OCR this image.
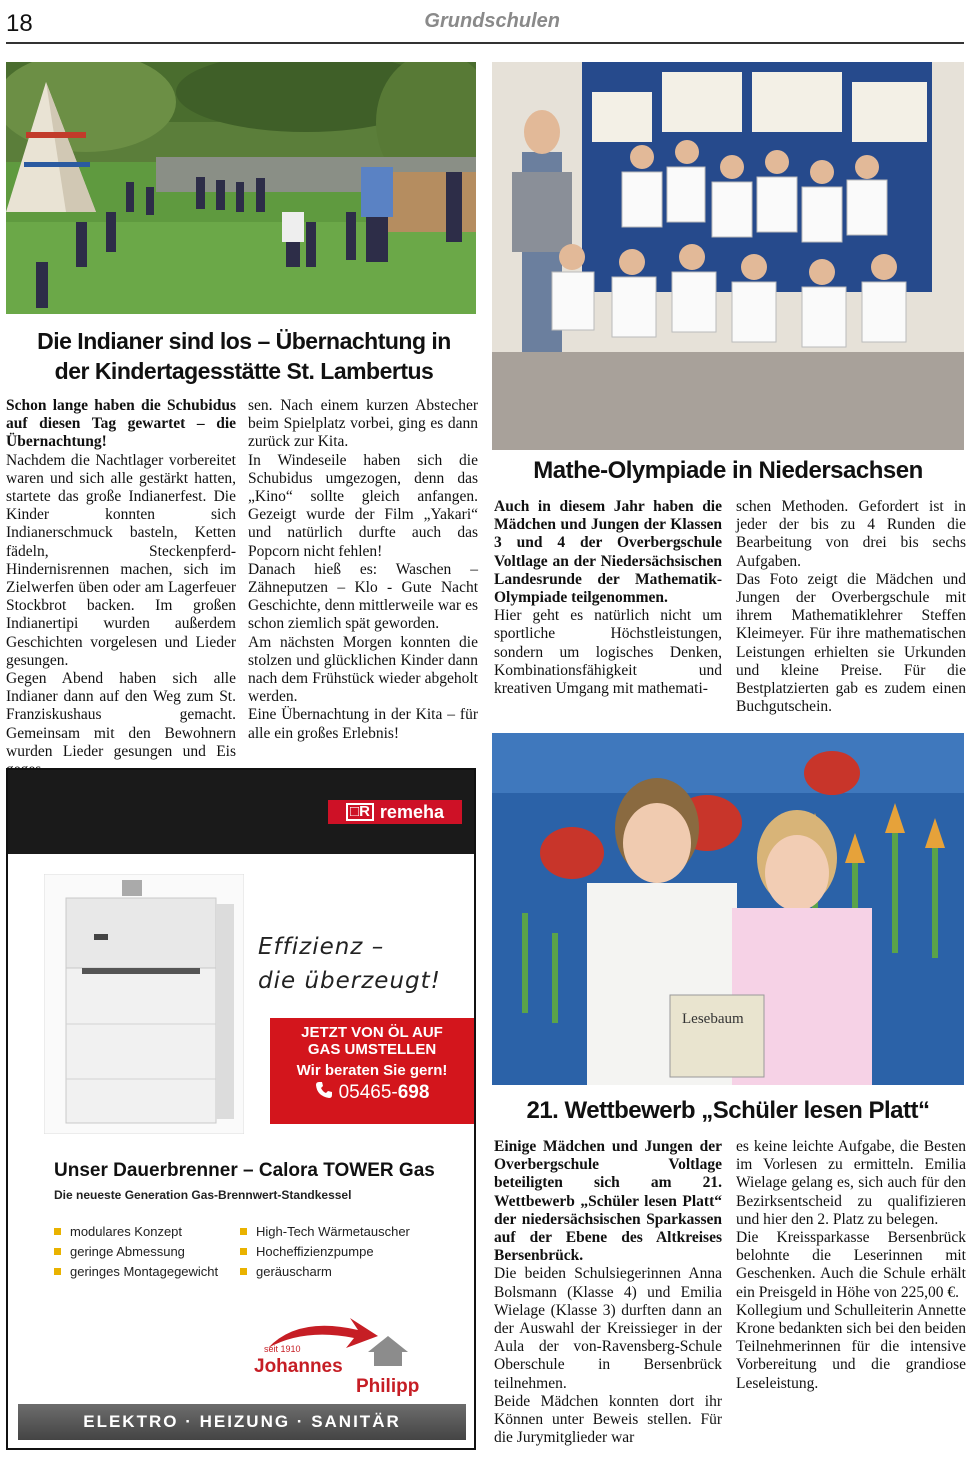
18	Grundschulen
Die Indianer sind los – Übernachtung in
der Kindertagesstätte St. Lambertus

Schon lange haben die Schubidus auf diesen Tag gewartet – die Übernachtung!

Nachdem die Nachtlager vorbereitet waren und sich alle gestärkt hatten, startete das große Indianerfest. Die Kinder konnten sich Indianerschmuck basteln, Ketten fädeln, Steckenpferd- Hindernisrennen machen, sich im Zielwerfen üben oder am Lagerfeuer Stockbrot backen. Im großen Indianertipi wurden außerdem Geschichten vorgelesen und Lieder gesungen.

Gegen Abend haben sich alle Indianer dann auf den Weg zum St. Franziskushaus gemacht. Gemeinsam mit den Bewohnern wurden Lieder gesungen und Eis

sen. Nach einem kurzen Abstecher beim Spielplatz vorbei, ging es dann zurück zur Kita.

In Windeseile haben sich die Schubidus umgezogen, denn das „Kino“ sollte gleich anfangen. Gezeigt wurde der Film „Yakari“ und natürlich durfte auch das Popcorn nicht fehlen!

Danach hieß es: Waschen – Zähneputzen – Klo - Gute Nacht Geschichte, denn mittlerweile war es schon ziemlich spät geworden.

Am nächsten Morgen konnten die stolzen und glücklichen Kinder dann nach dem Frühstück wieder abgeholt werden.

Eine Übernachtung in der Kita – für alle ein großes Erlebnis!

Mathe-Olympiade in Niedersachsen

Auch in diesem Jahr haben die Mädchen und Jungen der Klassen 3 und 4 der Overbergschule Voltlage an der Niedersächsischen Landesrunde der Mathematik-Olympiade teilgenommen.

Hier geht es natürlich nicht um sportliche Höchstleistungen, sondern um logisches Denken, Kombinationsfähigkeit und kreativen Umgang mit mathemati-

schen Methoden. Gefordert ist in jeder der bis zu 4 Runden die Bearbeitung von drei bis sechs Aufgaben.

Das Foto zeigt die Mädchen und Jungen der Overbergschule mit ihrem Mathematiklehrer Steffen Kleimeyer. Für ihre mathematischen Leistungen erhielten sie Urkunden und kleine Preise. Für die Bestplatzierten gab es zudem einen Buchgutschein.

Lesebaum
21. Wettbewerb „Schüler lesen Platt“

Einige Mädchen und Jungen der Overbergschule Voltlage beteiligten sich am 21. Wettbewerb „Schüler lesen Platt“ der niedersächsischen Sparkassen auf der Ebene des Altkreises Bersenbrück.

Die beiden Schulsiegerinnen Anna Bolsmann (Klasse 4) und Emilia Wielage (Klasse 3) durften dann an der Auswahl der Kreissieger in der Aula der von-Ravensberg-Schule Oberschule in Bersenbrück teilnehmen.

Beide Mädchen konnten dort ihr Können unter Beweis stellen. Für die Jurymitglieder war

es keine leichte Aufgabe, die Besten im Vorlesen zu ermitteln. Emilia Wielage gelang es, sich auch für den Bezirksentscheid zu qualifizieren und hier den 2. Platz zu belegen.

Die Kreissparkasse Bersenbrück belohnte die Leserinnen mit Geschenken. Auch die Schule erhält ein Preisgeld in Höhe von 225,00 €.

Kollegium und Schulleiterin Annette Krone bedankten sich bei den beiden Teilnehmerinnen für die intensive Vorbereitung und die grandiose Leseleistung.

□R remeha
Effizienz –
die überzeugt!
JETZT VON ÖL AUF
GAS UMSTELLEN
Wir beraten Sie gern!
05465- 698
Unser Dauerbrenner – Calora TOWER Gas
Die neueste Generation Gas-Brennwert-Standkessel
modulares Konzept
geringe Abmessung
geringes Montagegewicht
High-Tech Wärmetauscher
Hocheffizienzpumpe
geräuscharm
seit 1910
Johannes
Philipp
ELEKTRO · HEIZUNG · SANITÄR
